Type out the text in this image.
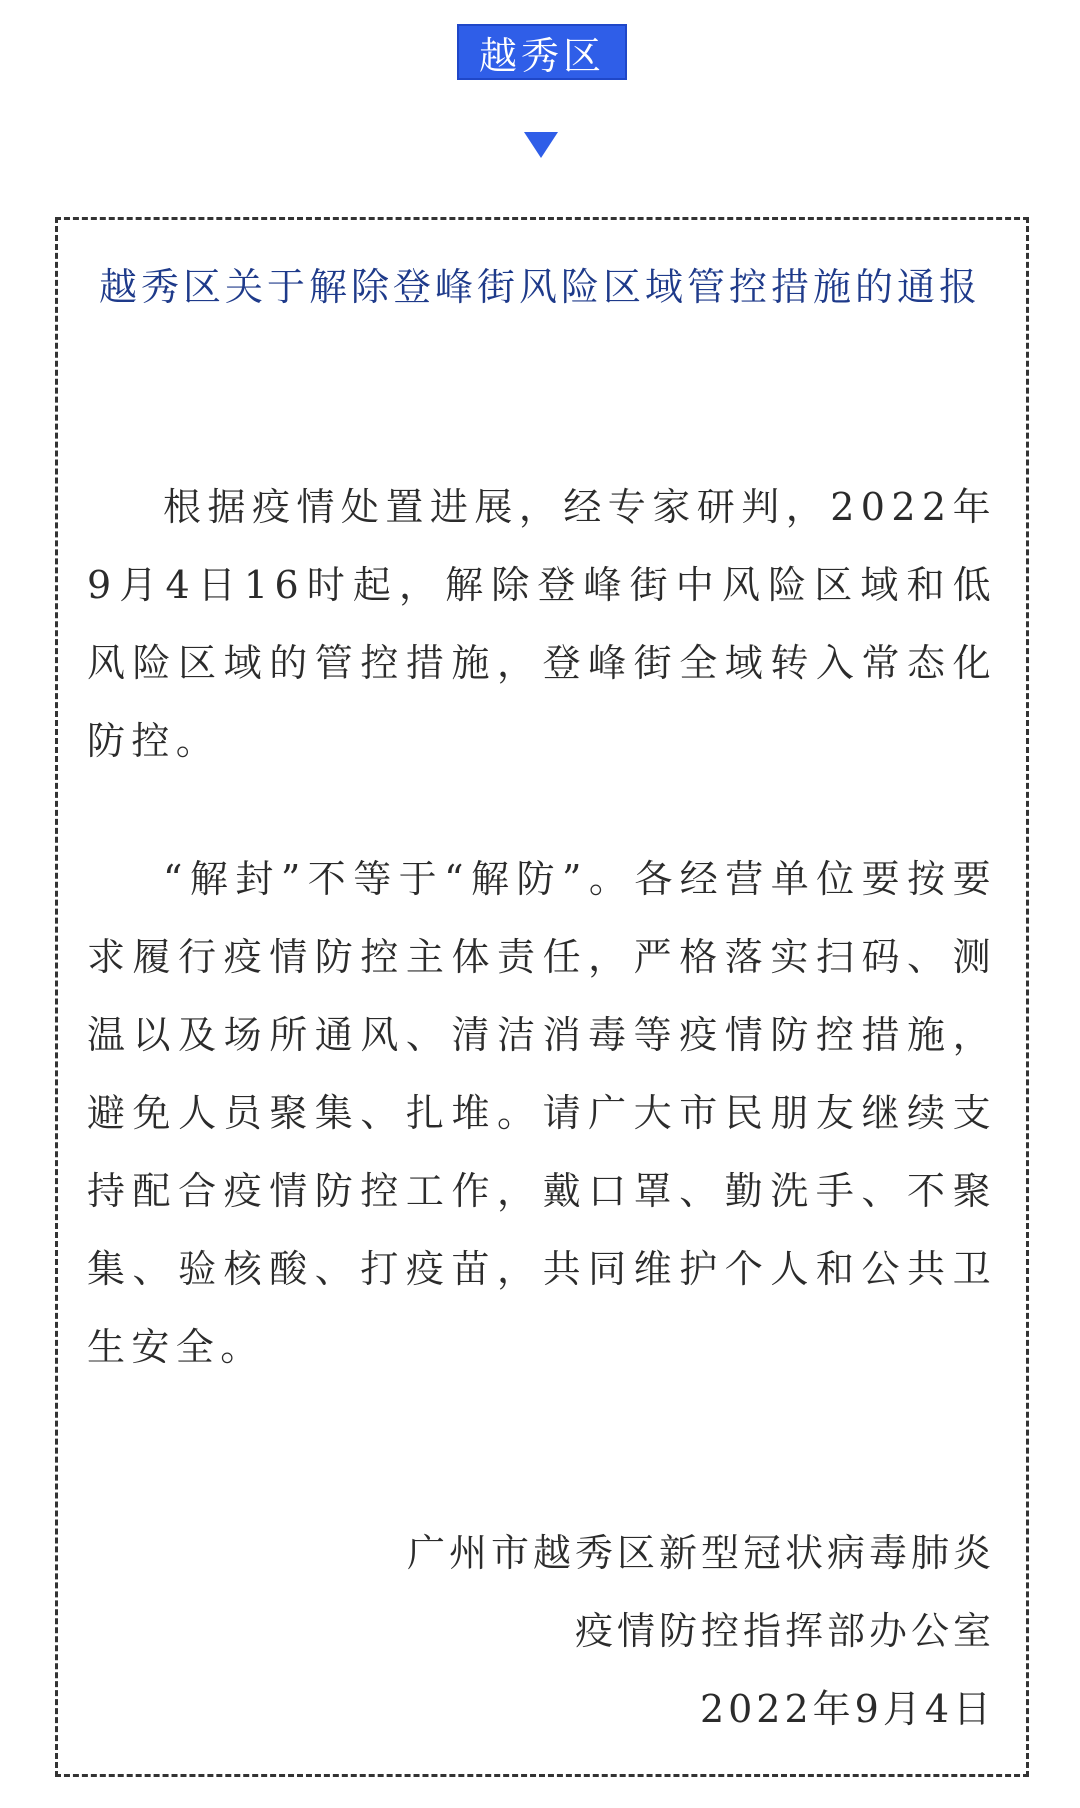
越秀区
越秀区关于解除登峰街风险区域管控措施的通报

根据疫情处置进展，经专家研判，2022年9月4日16时起，解除登峰街中风险区域和低风险区域的管控措施，登峰街全域转入常态化防控。

“解封”不等于“解防”。各经营单位要按要求履行疫情防控主体责任，严格落实扫码、测温以及场所通风、清洁消毒等疫情防控措施，避免人员聚集、扎堆。请广大市民朋友继续支持配合疫情防控工作，戴口罩、勤洗手、不聚集、验核酸、打疫苗，共同维护个人和公共卫生安全。

广州市越秀区新型冠状病毒肺炎
疫情防控指挥部办公室
2022年9月4日
